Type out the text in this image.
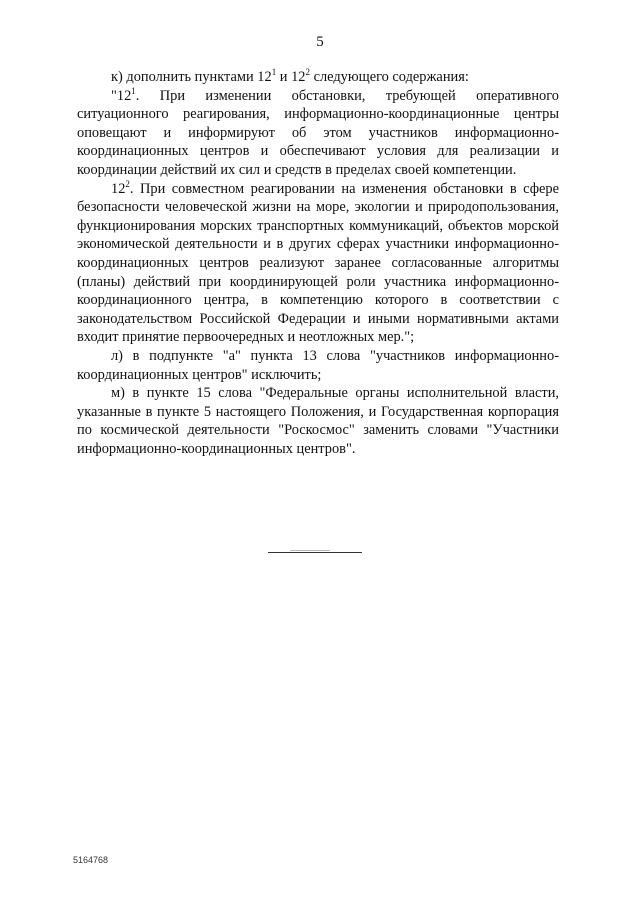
5

к) дополнить пунктами $12^1$ и $12^2$ следующего содержания:

"$12^1$. При изменении обстановки, требующей оперативного ситуационного реагирования, информационно-координационные центры оповещают и информируют об этом участников информационно-координационных центров и обеспечивают условия для реализации и координации действий их сил и средств в пределах своей компетенции.

$12^2$. При совместном реагировании на изменения обстановки в сфере безопасности человеческой жизни на море, экологии и природопользования, функционирования морских транспортных коммуникаций, объектов морской экономической деятельности и в других сферах участники информационно-координационных центров реализуют заранее согласованные алгоритмы (планы) действий при координирующей роли участника информационно-координационного центра, в компетенцию которого в соответствии с законодательством Российской Федерации и иными нормативными актами входит принятие первоочередных и неотложных мер.";

л) в подпункте "а" пункта 13 слова "участников информационно-координационных центров" исключить;

м) в пункте 15 слова "Федеральные органы исполнительной власти, указанные в пункте 5 настоящего Положения, и Государственная корпорация по космической деятельности "Роскосмос" заменить словами "Участники информационно-координационных центров".

5164768
